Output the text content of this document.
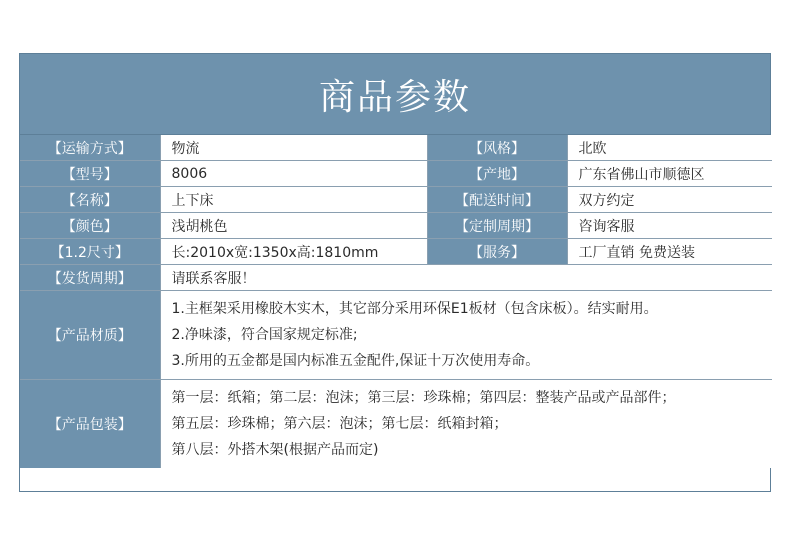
商品参数
【运输方式】	物流	【风格】	北欧
【型号】	8006	【产地】	广东省佛山市顺德区
【名称】	上下床	【配送时间】	双方约定
【颜色】	浅胡桃色	【定制周期】	咨询客服
【1.2尺寸】	长:2010x宽:1350x高:1810mm	【服务】	工厂直销 免费送装
【发货周期】	请联系客服！		
【产品材质】	1.主框架采用橡胶木实木，其它部分采用环保E1板材（包含床板）。结实耐用。
2.净味漆，符合国家规定标准;
3.所用的五金都是国内标准五金配件,保证十万次使用寿命。		

【产品包装】	第一层：纸箱；第二层：泡沫；第三层：珍珠棉；第四层：整装产品或产品部件；
第五层：珍珠棉；第六层：泡沫；第七层：纸箱封箱；
第八层：外搭木架(根据产品而定)		
